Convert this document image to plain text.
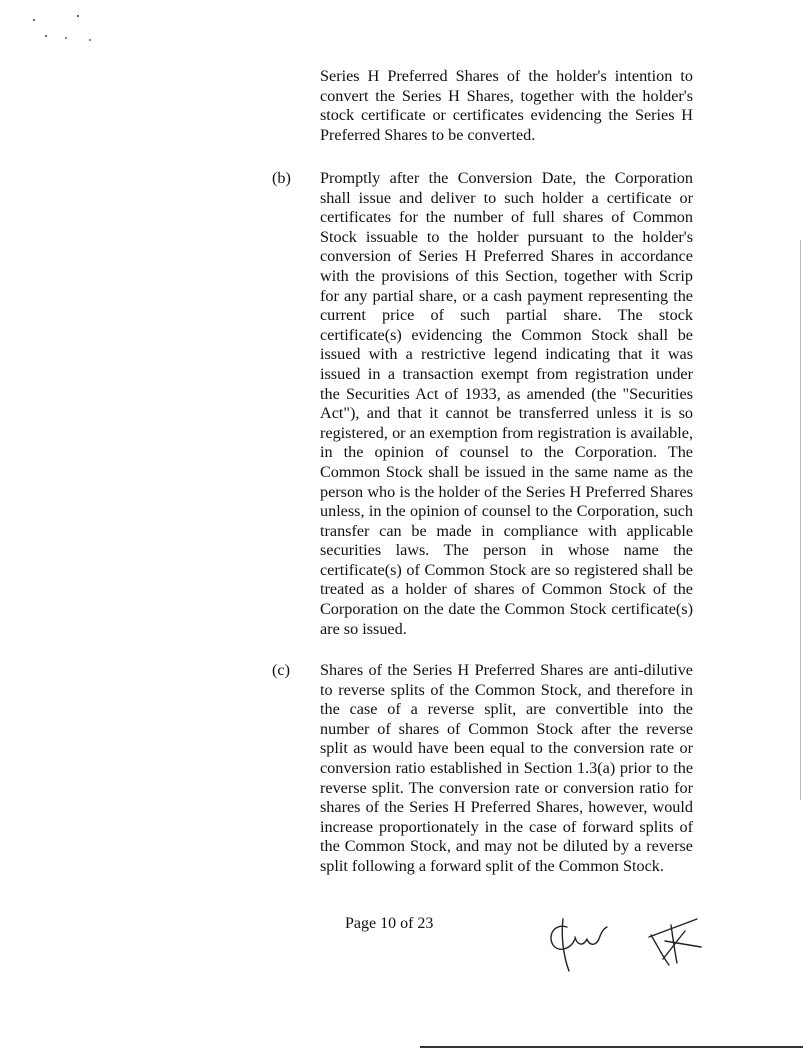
Series H Preferred Shares of the holder's intention to convert the Series H Shares, together with the holder's stock certificate or certificates evidencing the Series H Preferred Shares to be converted.

(b) Promptly after the Conversion Date, the Corporation shall issue and deliver to such holder a certificate or certificates for the number of full shares of Common Stock issuable to the holder pursuant to the holder's conversion of Series H Preferred Shares in accordance with the provisions of this Section, together with Scrip for any partial share, or a cash payment representing the current price of such partial share. The stock certificate(s) evidencing the Common Stock shall be issued with a restrictive legend indicating that it was issued in a transaction exempt from registration under the Securities Act of 1933, as amended (the "Securities Act"), and that it cannot be transferred unless it is so registered, or an exemption from registration is available, in the opinion of counsel to the Corporation. The Common Stock shall be issued in the same name as the person who is the holder of the Series H Preferred Shares unless, in the opinion of counsel to the Corporation, such transfer can be made in compliance with applicable securities laws. The person in whose name the certificate(s) of Common Stock are so registered shall be treated as a holder of shares of Common Stock of the Corporation on the date the Common Stock certificate(s) are so issued.

(c) Shares of the Series H Preferred Shares are anti-dilutive to reverse splits of the Common Stock, and therefore in the case of a reverse split, are convertible into the number of shares of Common Stock after the reverse split as would have been equal to the conversion rate or conversion ratio established in Section 1.3(a) prior to the reverse split. The conversion rate or conversion ratio for shares of the Series H Preferred Shares, however, would increase proportionately in the case of forward splits of the Common Stock, and may not be diluted by a reverse split following a forward split of the Common Stock.

Page 10 of 23
